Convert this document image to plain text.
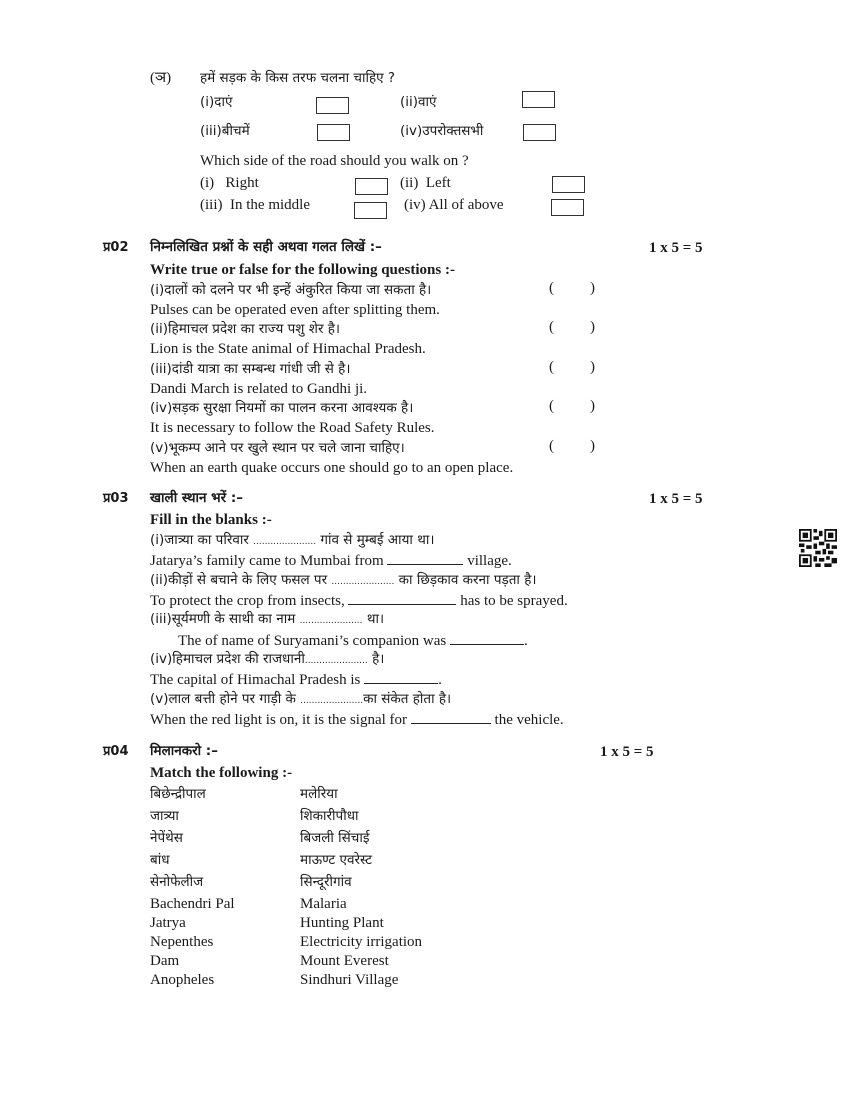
(ञ) हमें सड़क के किस तरफ चलना चाहिए ?
(i)दाएं	(ii)वाएं
(iii)बीचमें	(iv)उपरोक्तसभी
Which side of the road should you walk on ?
(i)   Right	(ii)  Left
(iii)  In the middle	(iv) All of above
प्र02 निम्नलिखित प्रश्नों के सही अथवा गलत लिखें :–	1 x 5 = 5
Write true or false for the following questions :-
(i)दालों को दलने पर भी इन्हें अंकुरित किया जा सकता है।	( )
Pulses can be operated even after splitting them.
(ii)हिमाचल प्रदेश का राज्य पशु शेर है।	( )
Lion is the State animal of Himachal Pradesh.
(iii)दांडी यात्रा का सम्बन्ध गांधी जी से है।	( )
Dandi March is related to Gandhi ji.
(iv)सड़क सुरक्षा नियमों का पालन करना आवश्यक है।	( )
It is necessary to follow the Road Safety Rules.
(v)भूकम्प आने पर खुले स्थान पर चले जाना चाहिए।	( )
When an earth quake occurs one should go to an open place.
प्र03 खाली स्थान भरें :–	1 x 5 = 5
Fill in the blanks :-
(i)जात्र्या का परिवार ...................... गांव से मुम्बई आया था।
Jatarya’s family came to Mumbai from	village.
(ii)कीड़ों से बचाने के लिए फसल पर ...................... का छिड़काव करना पड़ता है।
To protect the crop from insects,	has to be sprayed.
(iii)सूर्यमणी के साथी का नाम ...................... था।
The of name of Suryamani’s companion was	.
(iv)हिमाचल प्रदेश की राजधानी...................... है।
The capital of Himachal Pradesh is	.
(v)लाल बत्ती होने पर गाड़ी के ......................का संकेत होता है।
When the red light is on, it is the signal for	the vehicle.
प्र04 मिलानकरो :–	1 x 5 = 5
Match the following :-
बिछेन्द्रीपाल	मलेरिया
जात्र्या	शिकारीपौधा
नेपेंथेस	बिजली सिंचाई
बांध	माऊण्ट एवरेस्ट
सेनोफेलीज	सिन्दूरीगांव
Bachendri Pal	Malaria
Jatrya	Hunting Plant
Nepenthes	Electricity irrigation
Dam	Mount Everest
Anopheles	Sindhuri Village
